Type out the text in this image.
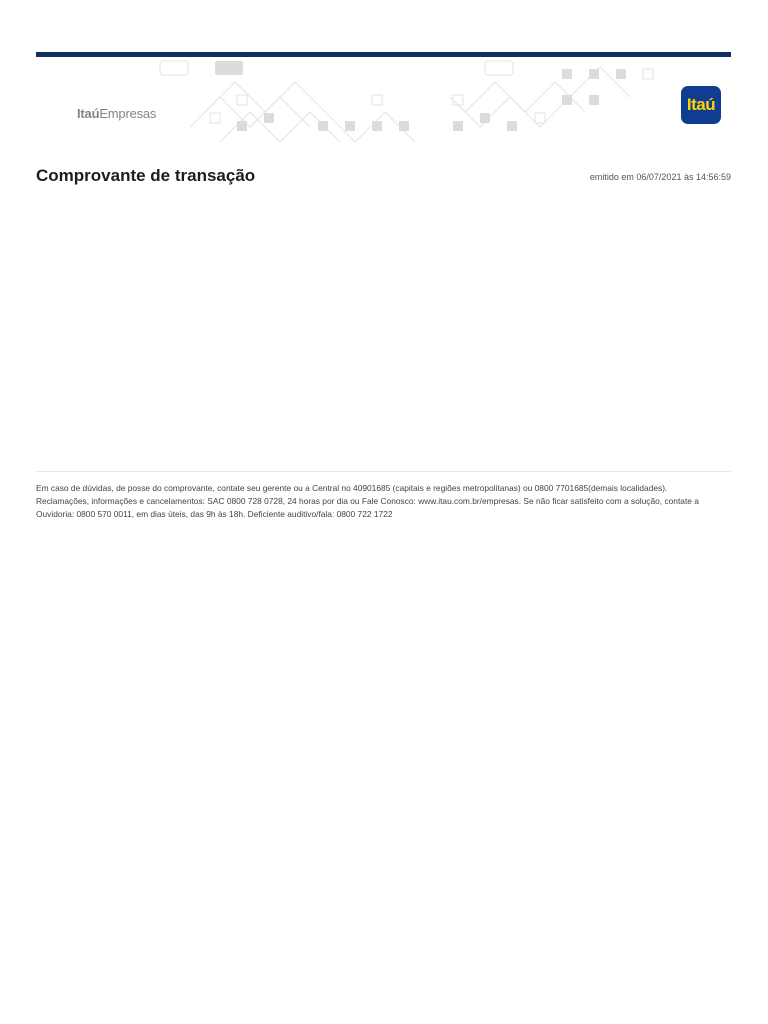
ItaúEmpresas	Itaú
Comprovante de transação	emitido em 06/07/2021 às 14:56:59

Em caso de dúvidas, de posse do comprovante, contate seu gerente ou a Central no 40901685 (capitais e regiões metropolitanas) ou 0800 7701685(demais localidades).

Reclamações, informações e cancelamentos: SAC 0800 728 0728, 24 horas por dia ou Fale Conosco: www.itau.com.br/empresas. Se não ficar satisfeito com a solução, contate a Ouvidoria: 0800 570 0011, em dias úteis, das 9h às 18h. Deficiente auditivo/fala: 0800 722 1722
